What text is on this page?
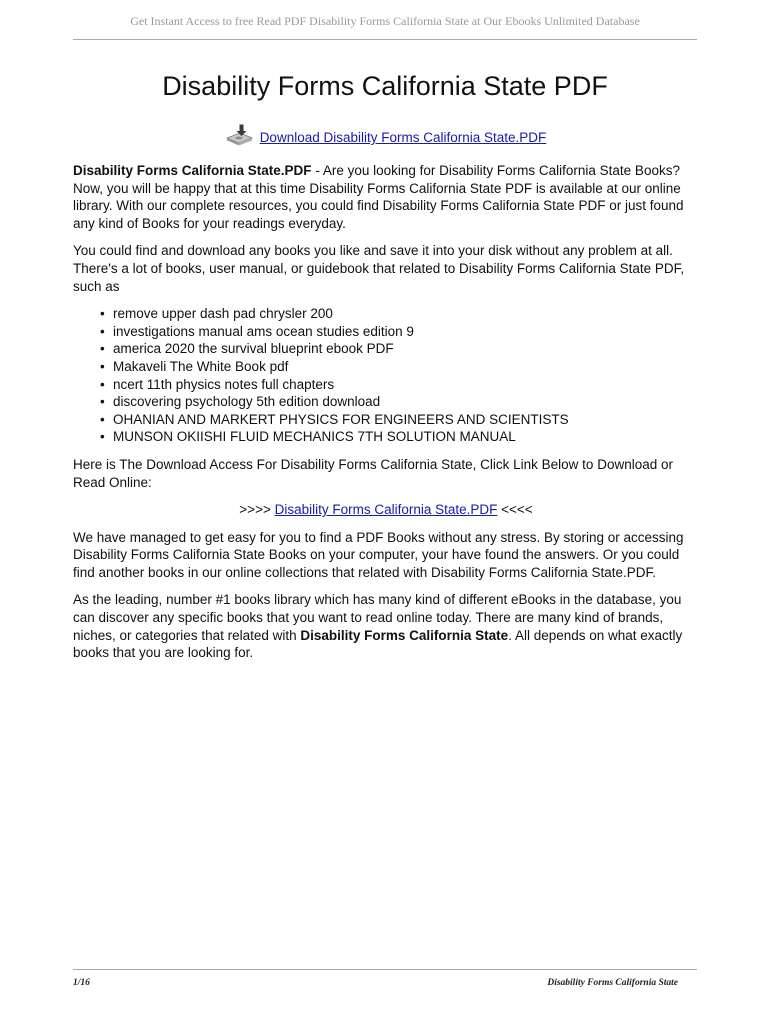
Get Instant Access to free Read PDF Disability Forms California State at Our Ebooks Unlimited Database
Disability Forms California State PDF
Download Disability Forms California State.PDF

Disability Forms California State.PDF - Are you looking for Disability Forms California State Books? Now, you will be happy that at this time Disability Forms California State PDF is available at our online library. With our complete resources, you could find Disability Forms California State PDF or just found any kind of Books for your readings everyday.

You could find and download any books you like and save it into your disk without any problem at all. There's a lot of books, user manual, or guidebook that related to Disability Forms California State PDF, such as

• remove upper dash pad chrysler 200
• investigations manual ams ocean studies edition 9
• america 2020 the survival blueprint ebook PDF
• Makaveli The White Book pdf
• ncert 11th physics notes full chapters
• discovering psychology 5th edition download
• OHANIAN AND MARKERT PHYSICS FOR ENGINEERS AND SCIENTISTS
• MUNSON OKIISHI FLUID MECHANICS 7TH SOLUTION MANUAL

Here is The Download Access For Disability Forms California State, Click Link Below to Download or Read Online:

>>>> Disability Forms California State.PDF <<<<

We have managed to get easy for you to find a PDF Books without any stress. By storing or accessing Disability Forms California State Books on your computer, your have found the answers. Or you could find another books in our online collections that related with Disability Forms California State.PDF.

As the leading, number #1 books library which has many kind of different eBooks in the database, you can discover any specific books that you want to read online today. There are many kind of brands, niches, or categories that related with Disability Forms California State. All depends on what exactly books that you are looking for.

1/16	Disability Forms California State
